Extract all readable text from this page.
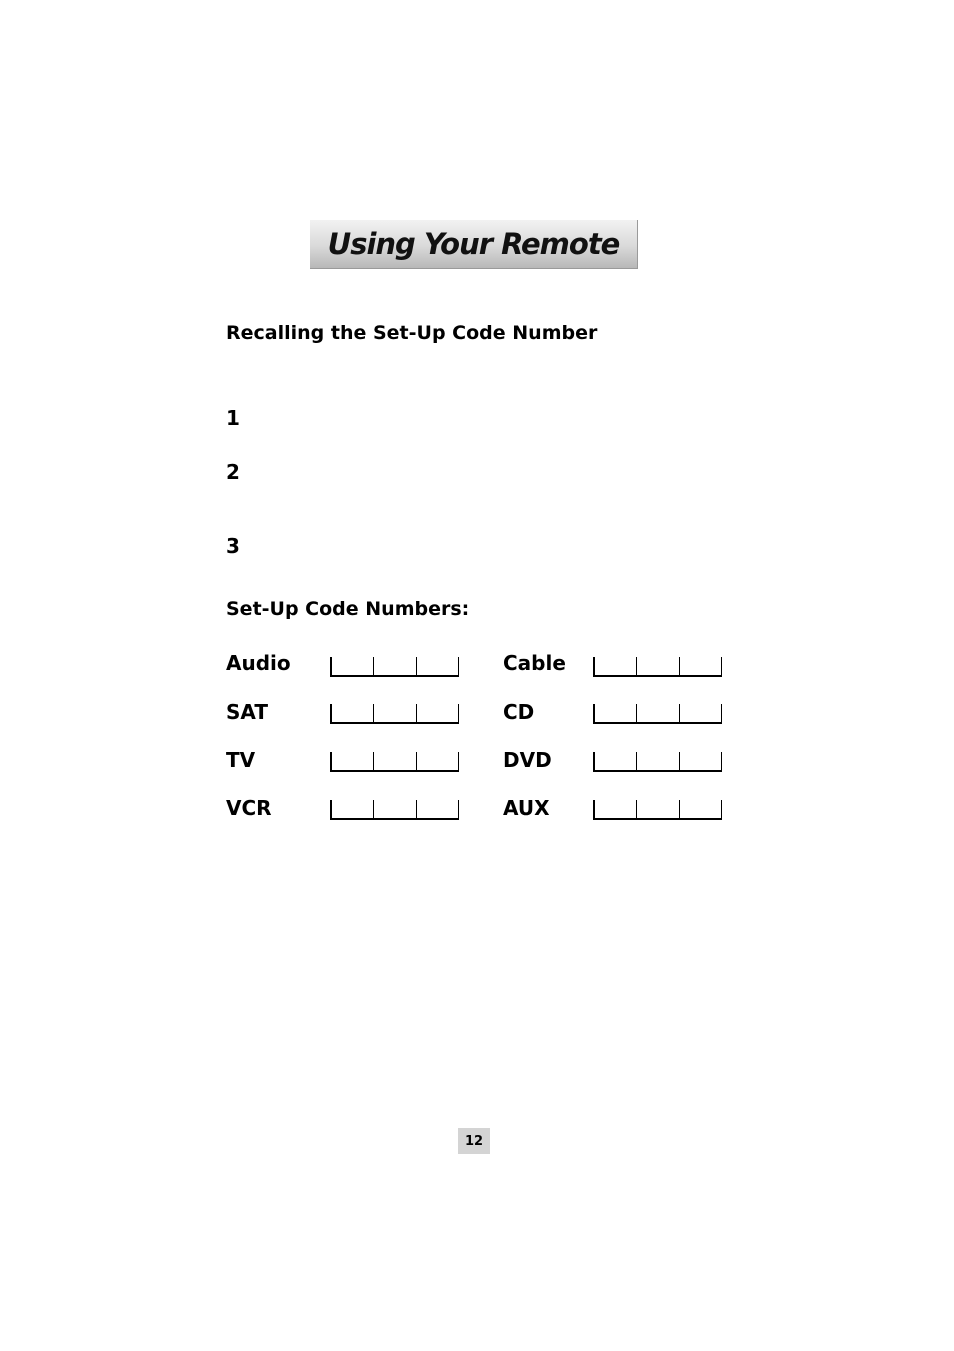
Using Your Remote
Recalling the Set-Up Code Number
1
2
3
Set-Up Code Numbers:
Audio
SAT
TV
VCR
Cable
CD
DVD
AUX
12
